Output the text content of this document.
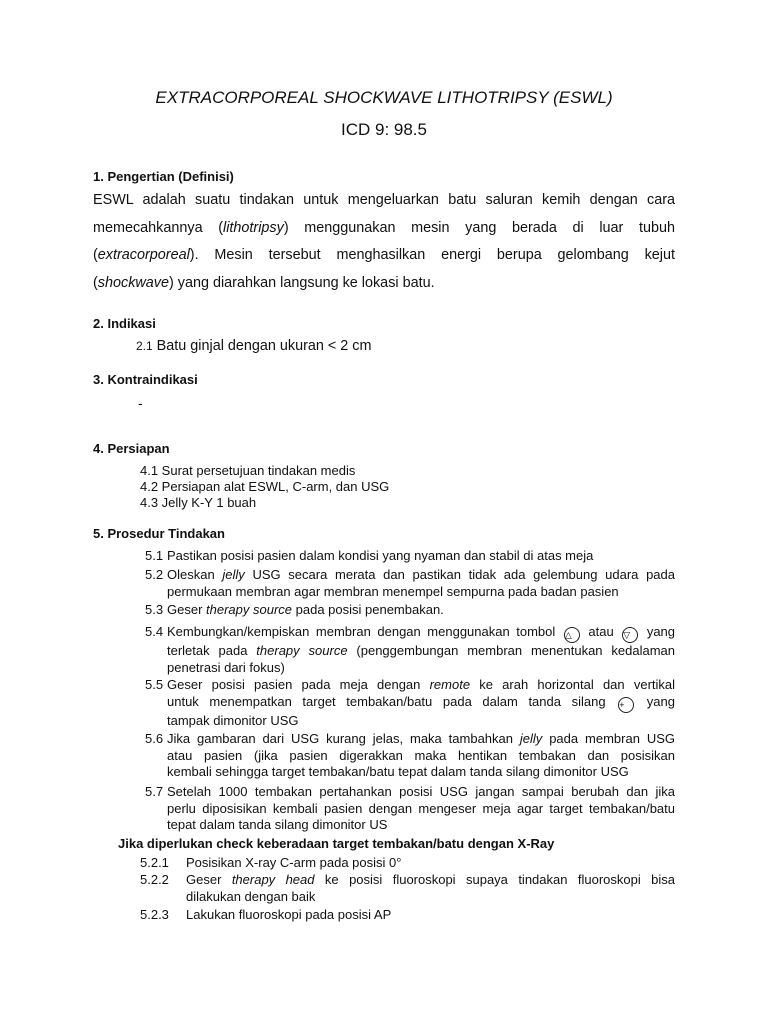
EXTRACORPOREAL SHOCKWAVE LITHOTRIPSY (ESWL)
ICD 9: 98.5
1. Pengertian (Definisi)

ESWL adalah suatu tindakan untuk mengeluarkan batu saluran kemih dengan cara

memecahkannya (lithotripsy) menggunakan mesin yang berada di luar tubuh

(extracorporeal). Mesin tersebut menghasilkan energi berupa gelombang kejut

(shockwave) yang diarahkan langsung ke lokasi batu.

2. Indikasi
2.1 Batu ginjal dengan ukuran < 2 cm
3. Kontraindikasi
-
4. Persiapan
4.1 Surat persetujuan tindakan medis
4.2 Persiapan alat ESWL, C-arm, dan USG
4.3 Jelly K-Y 1 buah
5. Prosedur Tindakan
5.1 Pastikan posisi pasien dalam kondisi yang nyaman dan stabil di atas meja
5.2 Oleskan jelly USG secara merata dan pastikan tidak ada gelembung udara pada
permukaan membran agar membran menempel sempurna pada badan pasien
5.3 Geser therapy source pada posisi penembakan.
5.4 Kembungkan/kempiskan membran dengan menggunakan tombol △ atau ▽ yang
terletak pada therapy source (penggembungan membran menentukan kedalaman
penetrasi dari fokus)
5.5 Geser posisi pasien pada meja dengan remote ke arah horizontal dan vertikal
untuk menempatkan target tembakan/batu pada dalam tanda silang + yang
tampak dimonitor USG
5.6 Jika gambaran dari USG kurang jelas, maka tambahkan jelly pada membran USG
atau pasien (jika pasien digerakkan maka hentikan tembakan dan posisikan
kembali sehingga target tembakan/batu tepat dalam tanda silang dimonitor USG
5.7 Setelah 1000 tembakan pertahankan posisi USG jangan sampai berubah dan jika
perlu diposisikan kembali pasien dengan mengeser meja agar target tembakan/batu
tepat dalam tanda silang dimonitor US
Jika diperlukan check keberadaan target tembakan/batu dengan X-Ray
5.2.1 Posisikan X-ray C-arm pada posisi 0°
5.2.2 Geser therapy head ke posisi fluoroskopi supaya tindakan fluoroskopi bisa
dilakukan dengan baik
5.2.3 Lakukan fluoroskopi pada posisi AP
